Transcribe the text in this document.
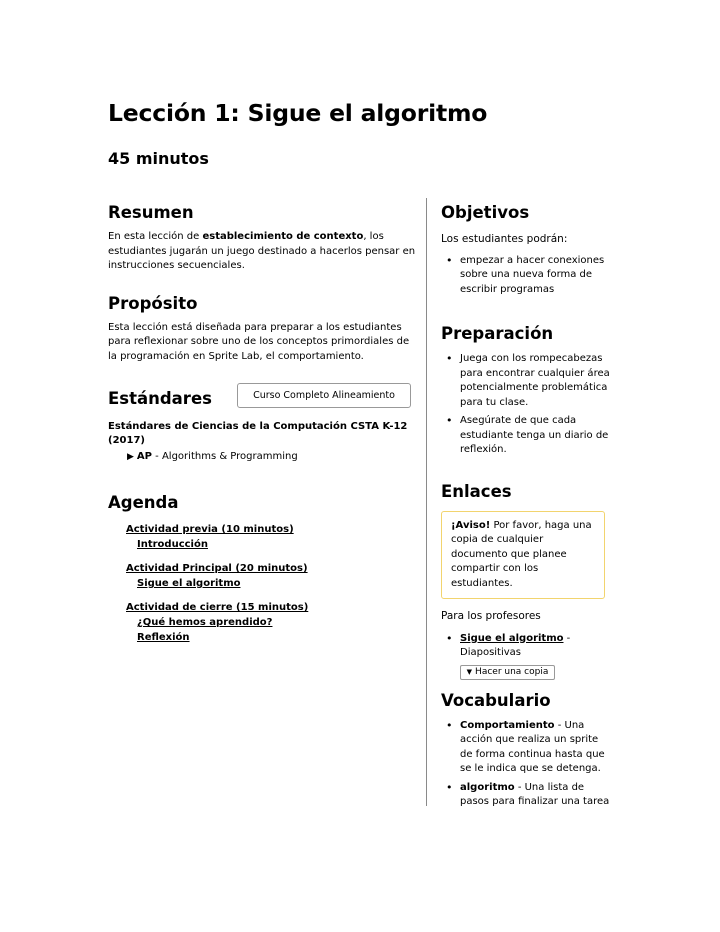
Lección 1: Sigue el algoritmo
45 minutos
Resumen

En esta lección de establecimiento de contexto, los estudiantes jugarán un juego destinado a hacerlos pensar en instrucciones secuenciales.

Propósito

Esta lección está diseñada para preparar a los estudiantes para reflexionar sobre uno de los conceptos primordiales de la programación en Sprite Lab, el comportamiento.

Estándares	Curso Completo Alineamiento
Estándares de Ciencias de la Computación CSTA K-12 (2017)
▶ AP - Algorithms & Programming
Agenda
Actividad previa (10 minutos)
Introducción
Actividad Principal (20 minutos)
Sigue el algoritmo
Actividad de cierre (15 minutos)
¿Qué hemos aprendido?
Reflexión
Objetivos

Los estudiantes podrán:

• empezar a hacer conexiones sobre una nueva forma de escribir programas
Preparación
• Juega con los rompecabezas para encontrar cualquier área potencialmente problemática para tu clase.
• Asegúrate de que cada estudiante tenga un diario de reflexión.
Enlaces
¡Aviso! Por favor, haga una copia de cualquier documento que planee compartir con los estudiantes.

Para los profesores

• Sigue el algoritmo - Diapositivas
▼ Hacer una copia
Vocabulario
• Comportamiento - Una acción que realiza un sprite de forma continua hasta que se le indica que se detenga.
• algoritmo - Una lista de pasos para finalizar una tarea
